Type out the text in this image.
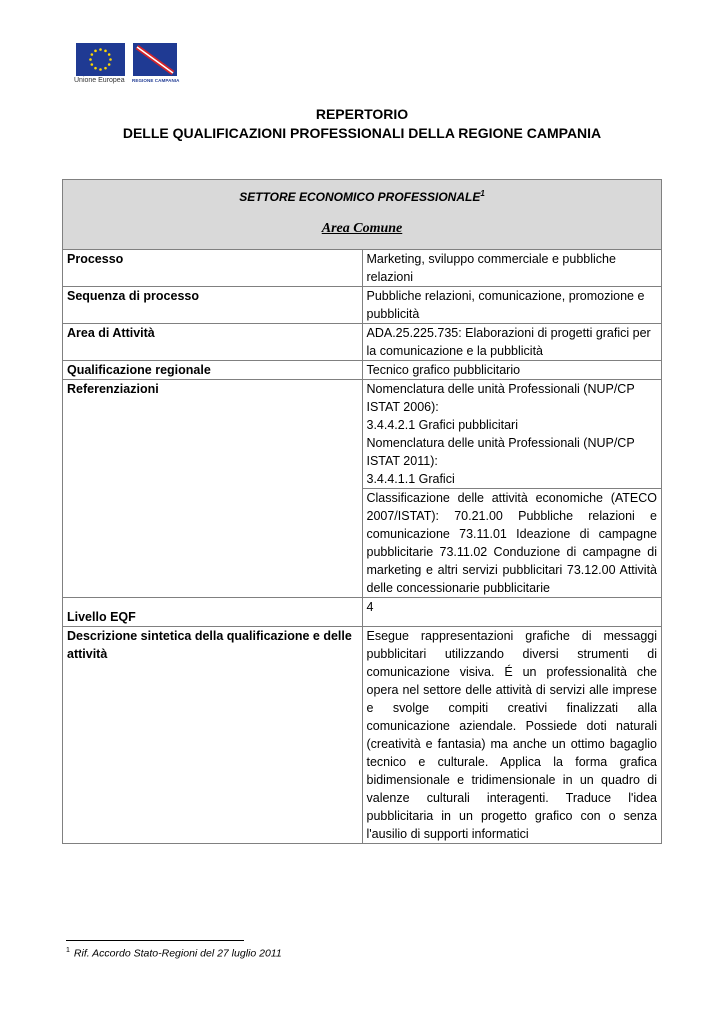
Unione Europea REGIONE CAMPANIA
REPERTORIO
DELLE QUALIFICAZIONI PROFESSIONALI DELLA REGIONE CAMPANIA
SETTORE ECONOMICO PROFESSIONALE$^1$
Area Comune	

Processo	Marketing, sviluppo commerciale e pubbliche relazioni
Sequenza di processo	Pubbliche relazioni, comunicazione, promozione e pubblicità
Area di Attività	ADA.25.225.735: Elaborazioni di progetti grafici per la comunicazione e la pubblicità
Qualificazione regionale	Tecnico grafico pubblicitario
Referenziazioni	Nomenclatura delle unità Professionali (NUP/CP ISTAT 2006):
3.4.4.2.1 Grafici pubblicitari
Nomenclatura delle unità Professionali (NUP/CP ISTAT 2011):
3.4.4.1.1 Grafici

	Classificazione delle attività economiche (ATECO 2007/ISTAT): 70.21.00 Pubbliche relazioni e comunicazione 73.11.01 Ideazione di campagne pubblicitarie 73.11.02 Conduzione di campagne di marketing e altri servizi pubblicitari 73.12.00 Attività delle concessionarie pubblicitarie
Livello EQF	4
Descrizione sintetica della qualificazione e delle attività	Esegue rappresentazioni grafiche di messaggi pubblicitari utilizzando diversi strumenti di comunicazione visiva. É un professionalità che opera nel settore delle attività di servizi alle imprese e svolge compiti creativi finalizzati alla comunicazione aziendale. Possiede doti naturali (creatività e fantasia) ma anche un ottimo bagaglio tecnico e culturale. Applica la forma grafica bidimensionale e tridimensionale in un quadro di valenze culturali interagenti. Traduce l'idea pubblicitaria in un progetto grafico con o senza l'ausilio di supporti informatici
$^1$ Rif. Accordo Stato-Regioni del 27 luglio 2011
